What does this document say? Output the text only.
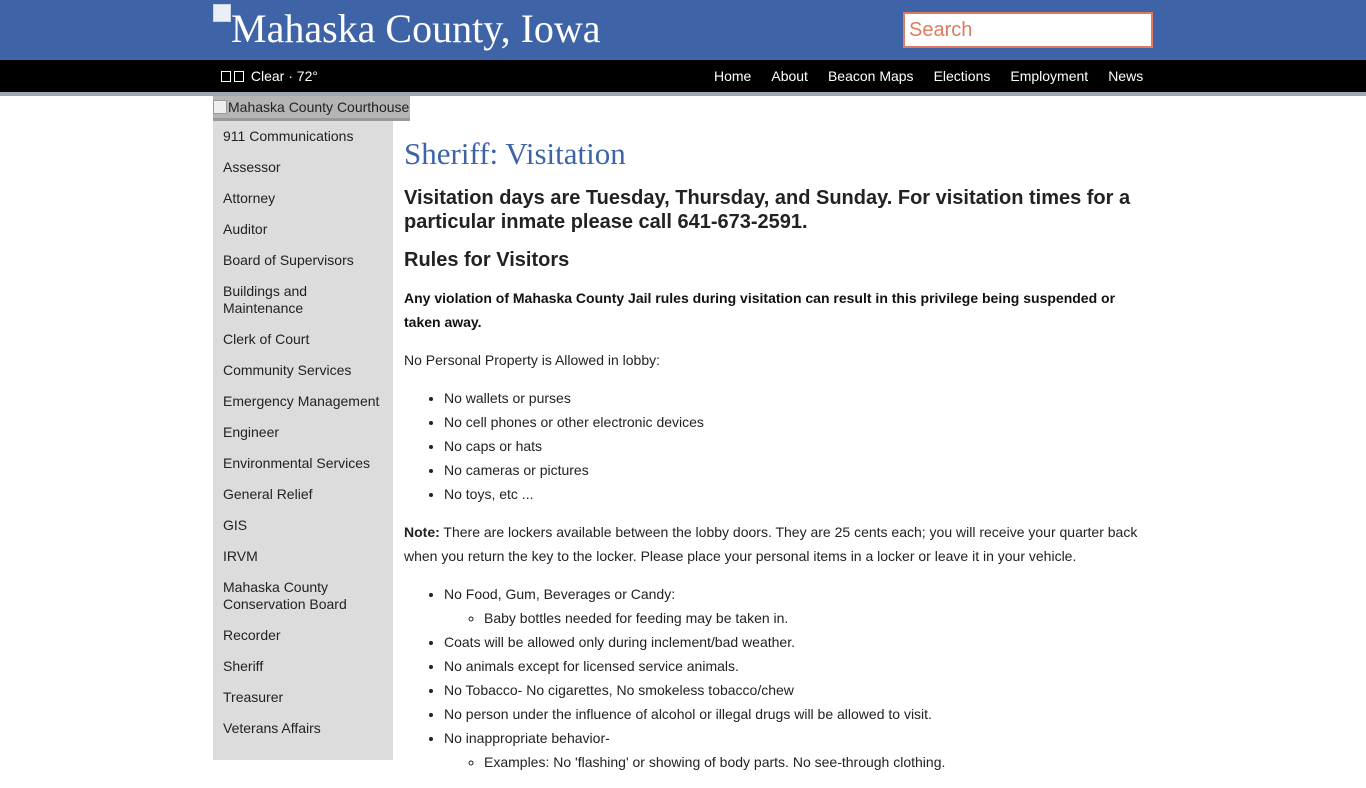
Mahaska County, Iowa
Search
Clear · 72°	Home	About	Beacon Maps	Elections	Employment	News
Mahaska County Courthouse
911 Communications
Assessor
Attorney
Auditor
Board of Supervisors
Buildings and Maintenance
Clerk of Court
Community Services
Emergency Management
Engineer
Environmental Services
General Relief
GIS
IRVM
Mahaska County Conservation Board
Recorder
Sheriff
Treasurer
Veterans Affairs
Sheriff: Visitation
Visitation days are Tuesday, Thursday, and Sunday. For visitation times for a particular inmate please call 641-673-2591.
Rules for Visitors

Any violation of Mahaska County Jail rules during visitation can result in this privilege being suspended or taken away.

No Personal Property is Allowed in lobby:

• No wallets or purses
• No cell phones or other electronic devices
• No caps or hats
• No cameras or pictures
• No toys, etc ...

Note: There are lockers available between the lobby doors. They are 25 cents each; you will receive your quarter back when you return the key to the locker. Please place your personal items in a locker or leave it in your vehicle.

• No Food, Gum, Beverages or Candy:
◦ Baby bottles needed for feeding may be taken in.
• Coats will be allowed only during inclement/bad weather.
• No animals except for licensed service animals.
• No Tobacco- No cigarettes, No smokeless tobacco/chew
• No person under the influence of alcohol or illegal drugs will be allowed to visit.
• No inappropriate behavior-
◦ Examples: No 'flashing' or showing of body parts. No see-through clothing.
